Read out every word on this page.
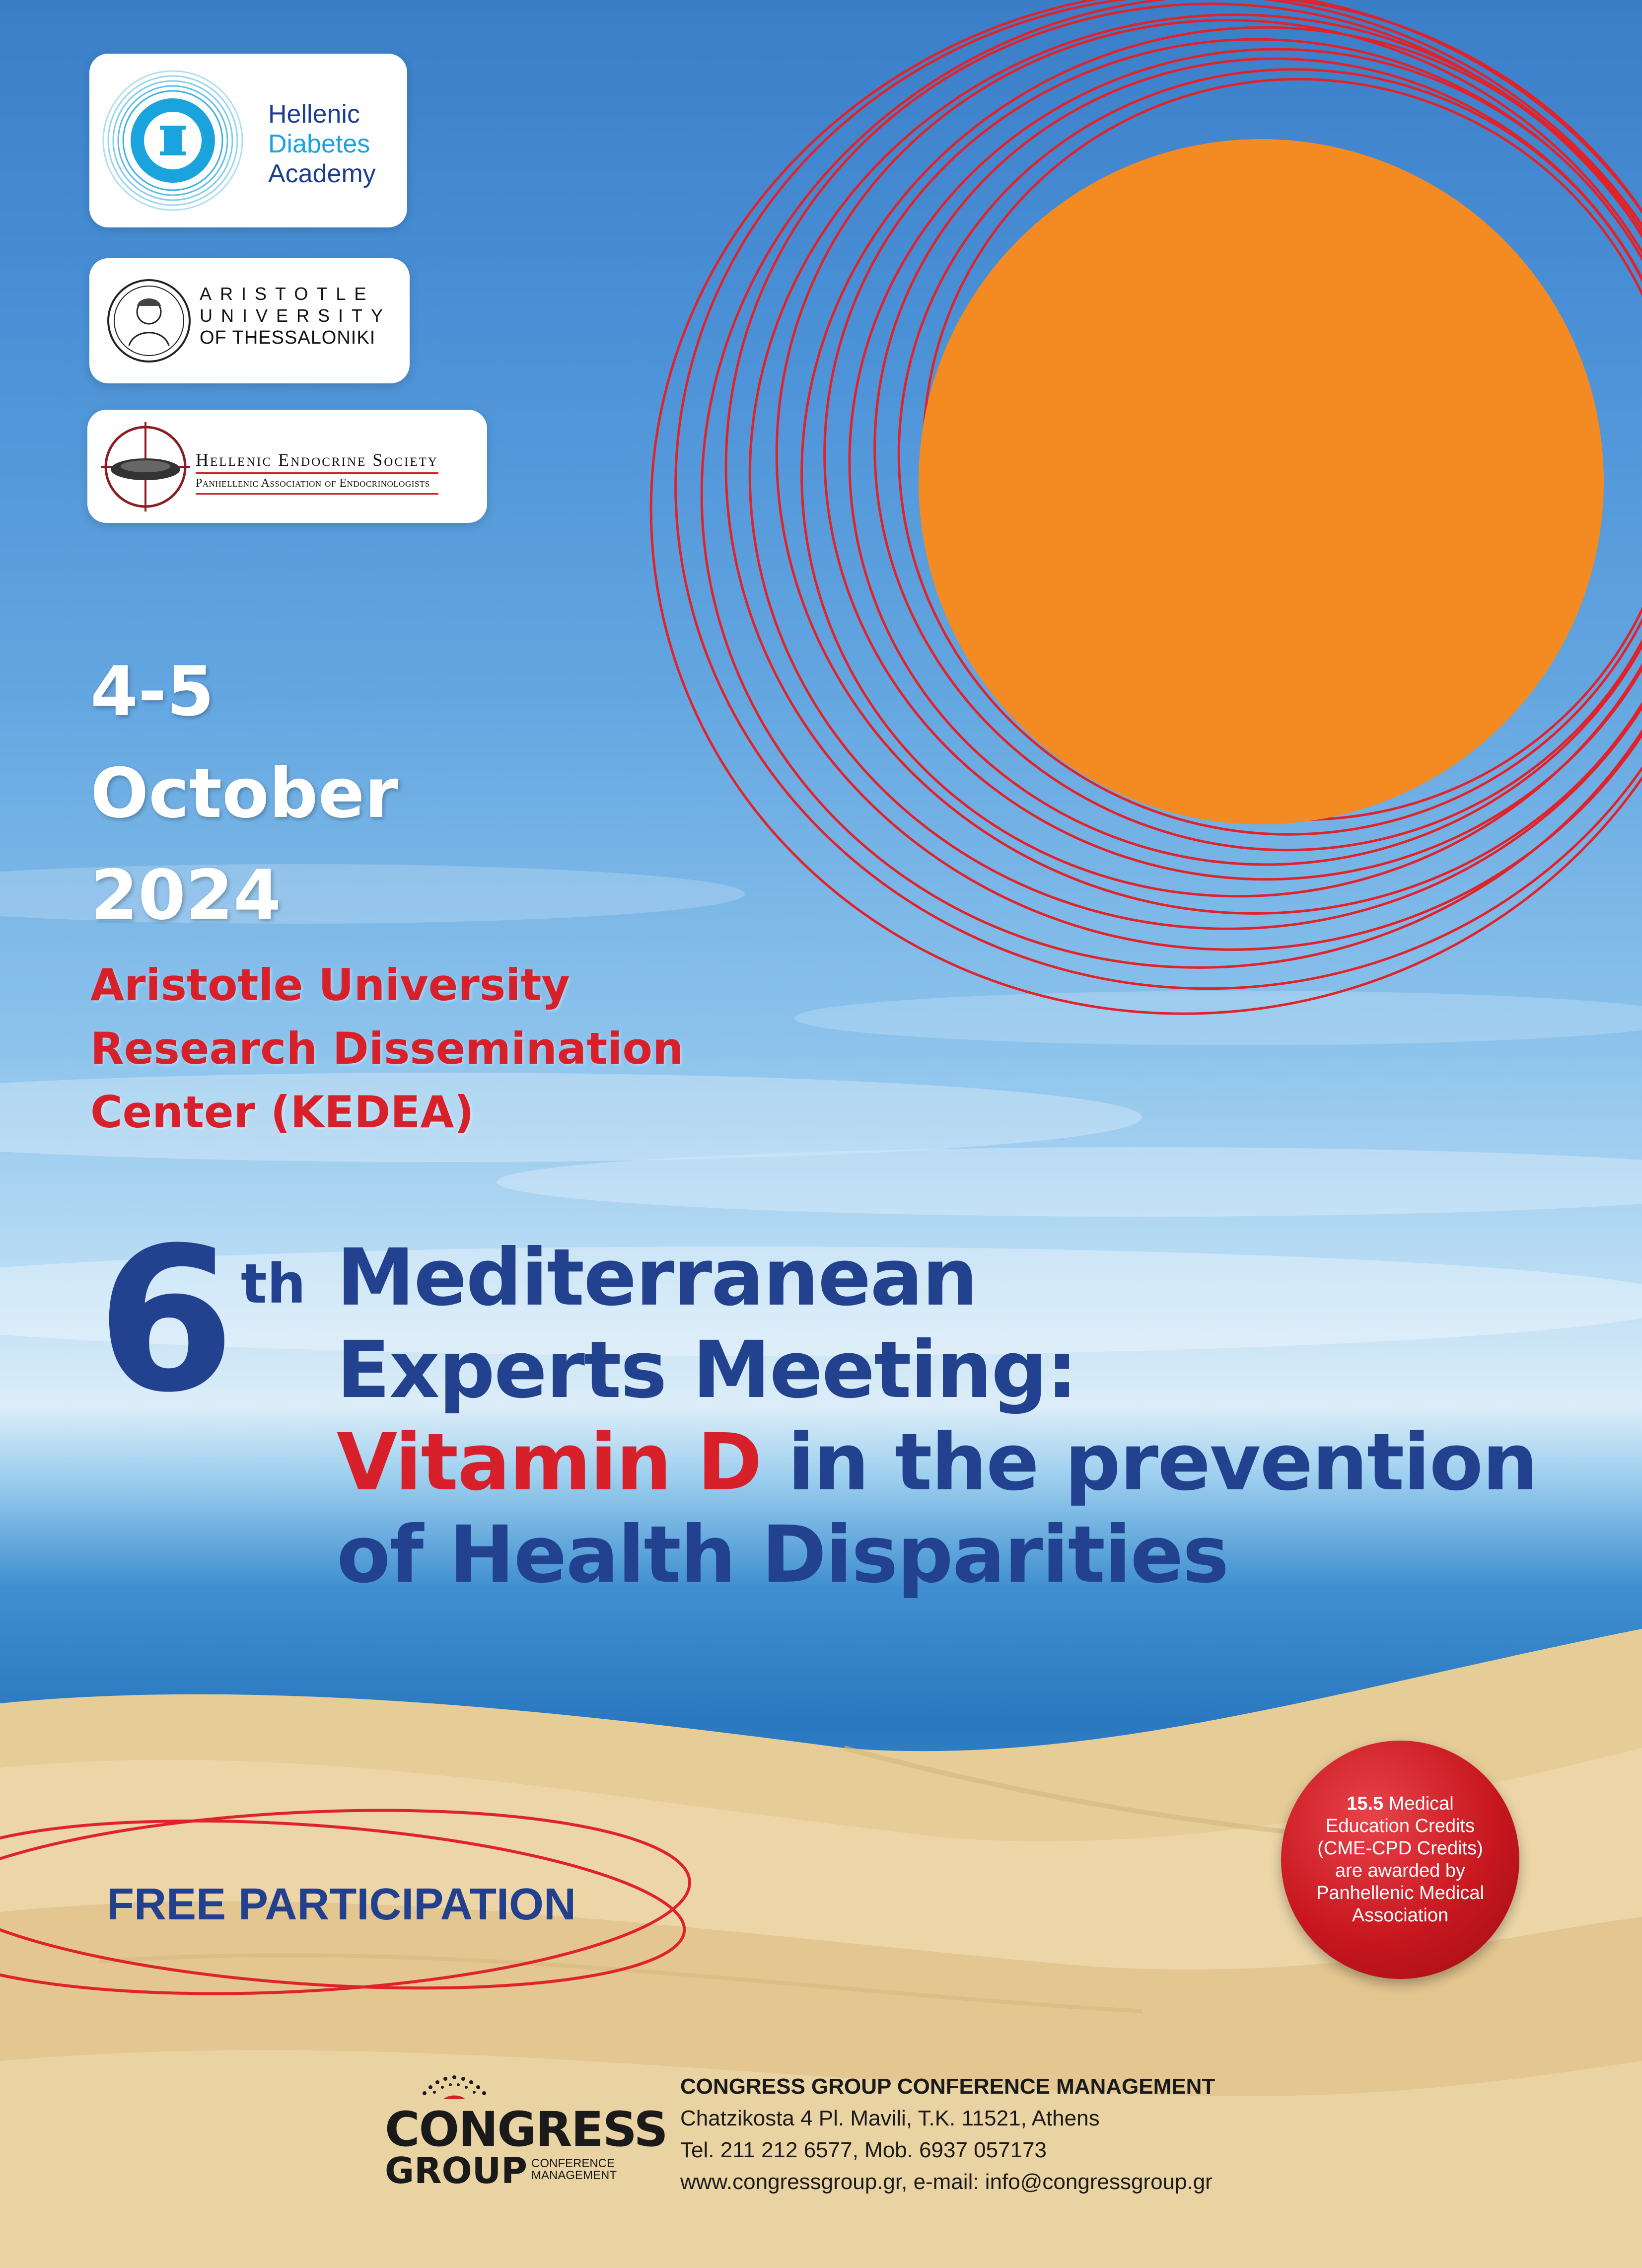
Hellenic
Diabetes
Academy
ARISTOTLE
UNIVERSITY
OF THESSALONIKI
Hellenic Endocrine Society
Panhellenic Association of Endocrinologists
4-5
October
2024
Aristotle University
Research Dissemination
Center (KEDEA)
6 th Mediterranean
Experts Meeting:
Vitamin D in the prevention
of Health Disparities
FREE PARTICIPATION
15.5 Medical
Education Credits
(CME-CPD Credits)
are awarded by
Panhellenic Medical
Association
CONGRESS
GROUP CONFERENCE
MANAGEMENT
CONGRESS GROUP CONFERENCE MANAGEMENT
Chatzikosta 4 Pl. Mavili, T.K. 11521, Athens
Tel. 211 212 6577, Mob. 6937 057173
www.congressgroup.gr, e-mail: info@congressgroup.gr
